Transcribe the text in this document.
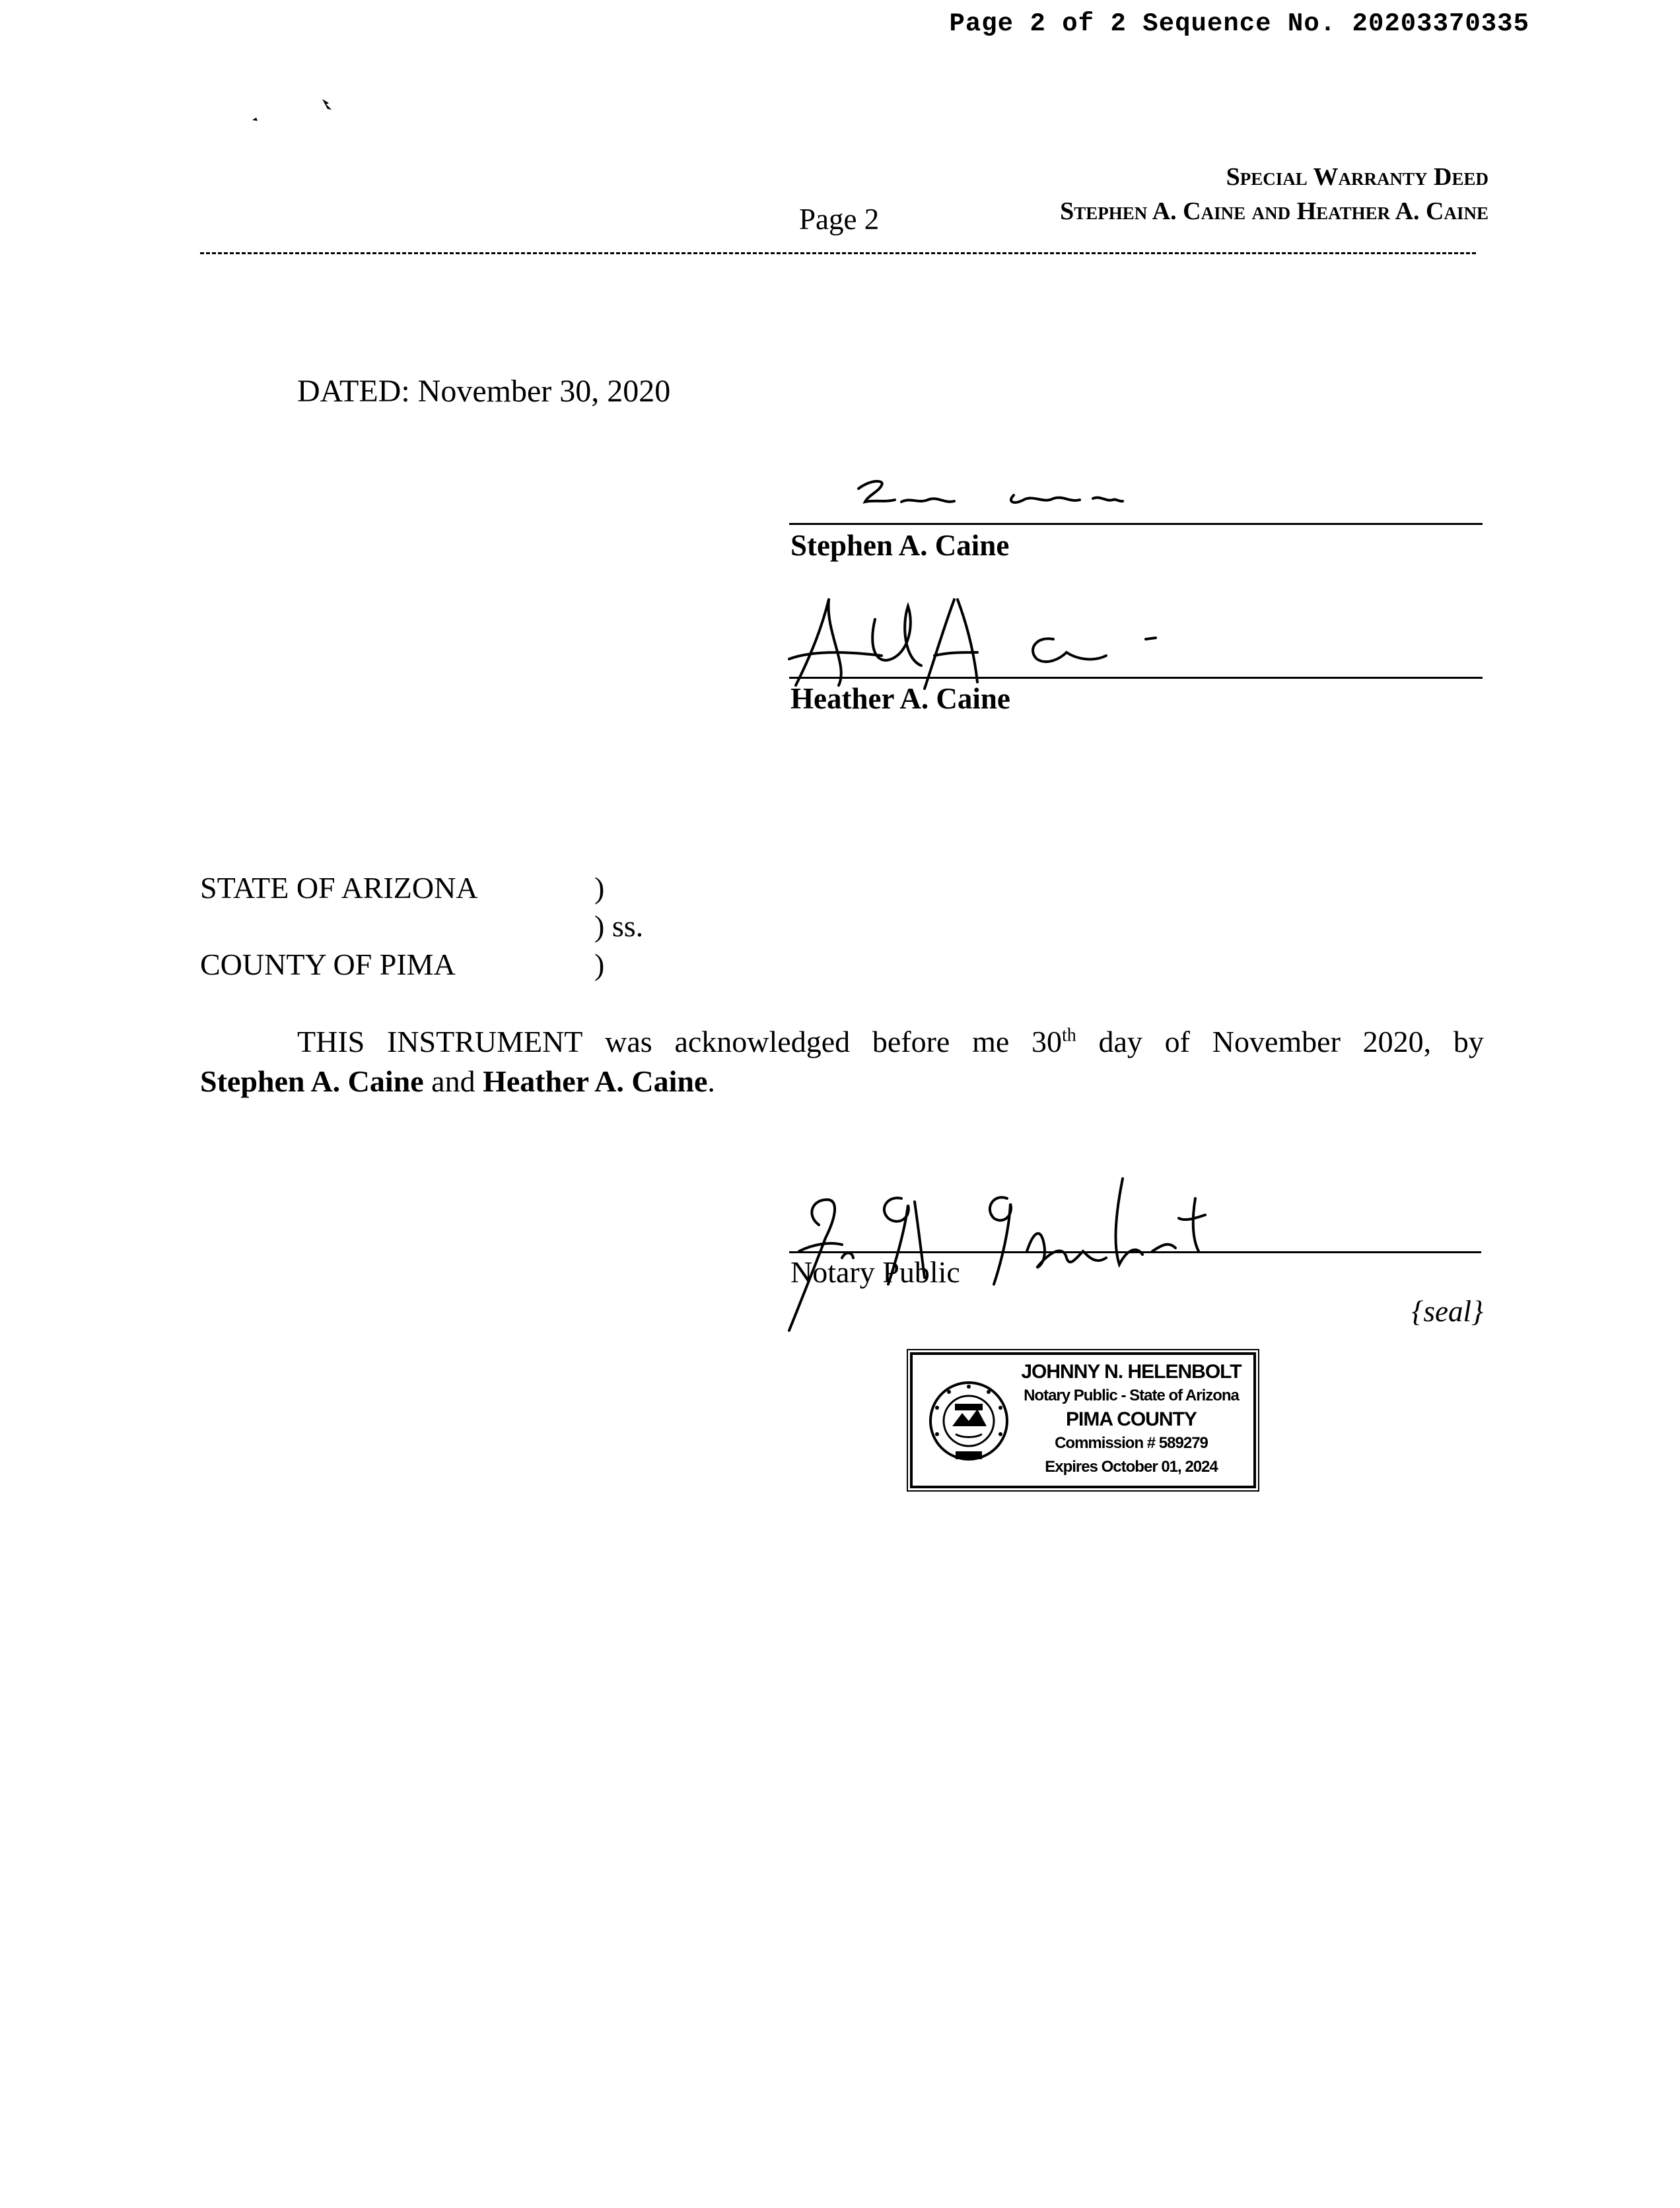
Page 2 of 2 Sequence No. 20203370335
Special Warranty Deed
Stephen A. Caine and Heather A. Caine
Page 2
DATED: November 30, 2020
Stephen A. Caine
Heather A. Caine
STATE OF ARIZONA	)
) ss.
COUNTY OF PIMA	)
THIS INSTRUMENT was acknowledged before me 30th day of November 2020, by
Stephen A. Caine and Heather A. Caine.
Notary Public
{seal}
JOHNNY N. HELENBOLT
Notary Public - State of Arizona
PIMA COUNTY
Commission # 589279
Expires October 01, 2024
